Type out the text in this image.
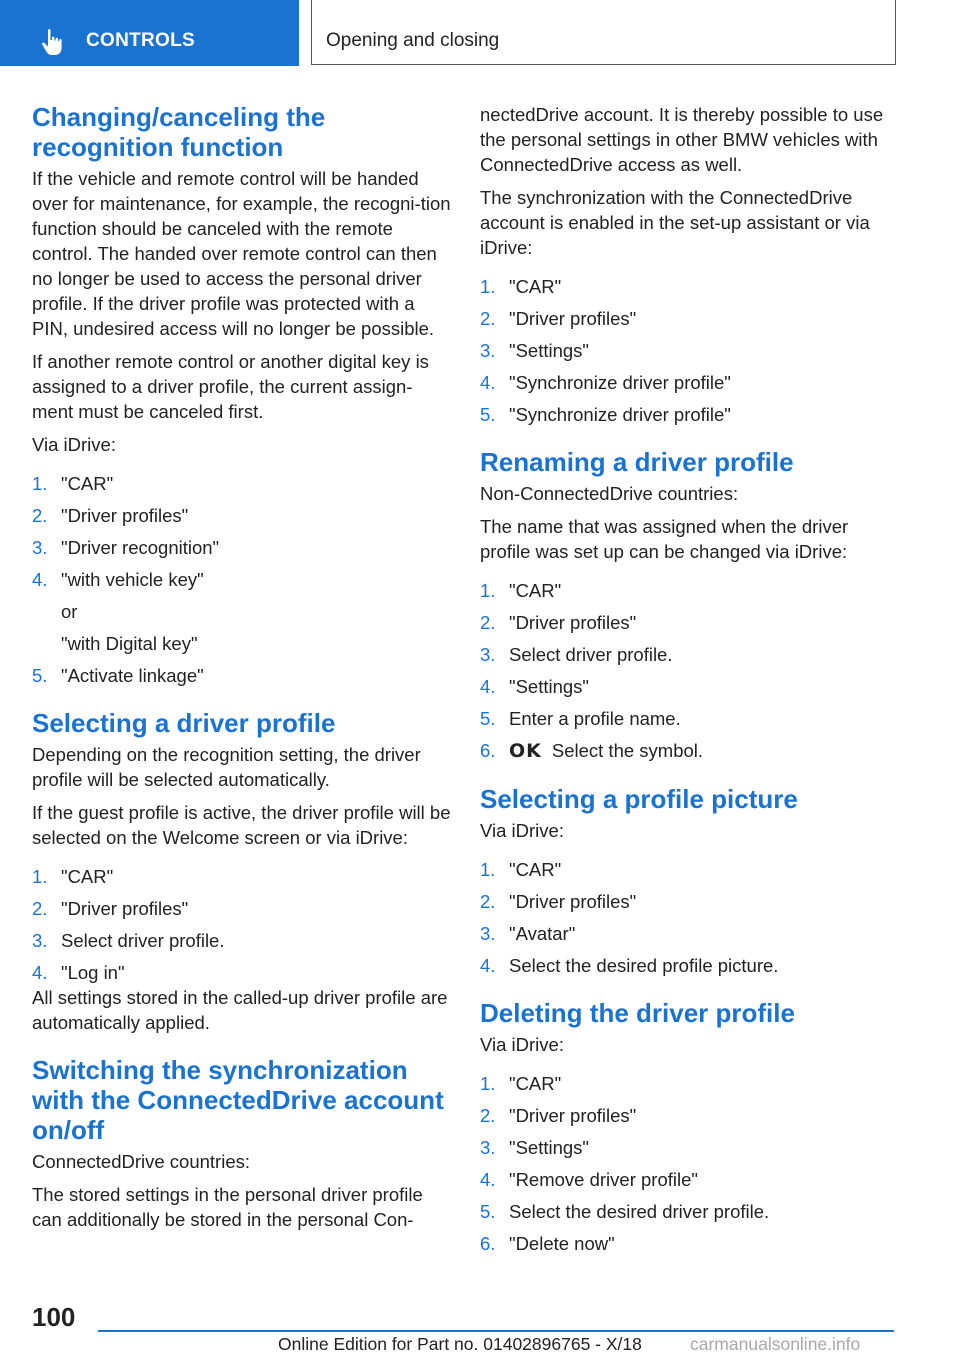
CONTROLS	Opening and closing
Changing/canceling the recognition function

If the vehicle and remote control will be handed over for maintenance, for example, the recogni‐tion function should be canceled with the remote control. The handed over remote control can then no longer be used to access the personal driver profile. If the driver profile was protected with a PIN, undesired access will no longer be possible.

If another remote control or another digital key is assigned to a driver profile, the current assign‐ment must be canceled first.

Via iDrive:

1. "CAR"
2. "Driver profiles"
3. "Driver recognition"
4. "with vehicle key"
or
"with Digital key"
5. "Activate linkage"
Selecting a driver profile

Depending on the recognition setting, the driver profile will be selected automatically.

If the guest profile is active, the driver profile will be selected on the Welcome screen or via iDrive:

1. "CAR"
2. "Driver profiles"
3. Select driver profile.
4. "Log in"

All settings stored in the called-up driver profile are automatically applied.

Switching the synchronization with the ConnectedDrive account on/off

ConnectedDrive countries:

The stored settings in the personal driver profile can additionally be stored in the personal Con‐

nectedDrive account. It is thereby possible to use the personal settings in other BMW vehicles with ConnectedDrive access as well.

The synchronization with the ConnectedDrive account is enabled in the set-up assistant or via iDrive:

1. "CAR"
2. "Driver profiles"
3. "Settings"
4. "Synchronize driver profile"
5. "Synchronize driver profile"
Renaming a driver profile

Non-ConnectedDrive countries:

The name that was assigned when the driver profile was set up can be changed via iDrive:

1. "CAR"
2. "Driver profiles"
3. Select driver profile.
4. "Settings"
5. Enter a profile name.
6. OK Select the symbol.
Selecting a profile picture

Via iDrive:

1. "CAR"
2. "Driver profiles"
3. "Avatar"
4. Select the desired profile picture.
Deleting the driver profile

Via iDrive:

1. "CAR"
2. "Driver profiles"
3. "Settings"
4. "Remove driver profile"
5. Select the desired driver profile.
6. "Delete now"
100
Online Edition for Part no. 01402896765 - X/18	carmanualsonline.info
